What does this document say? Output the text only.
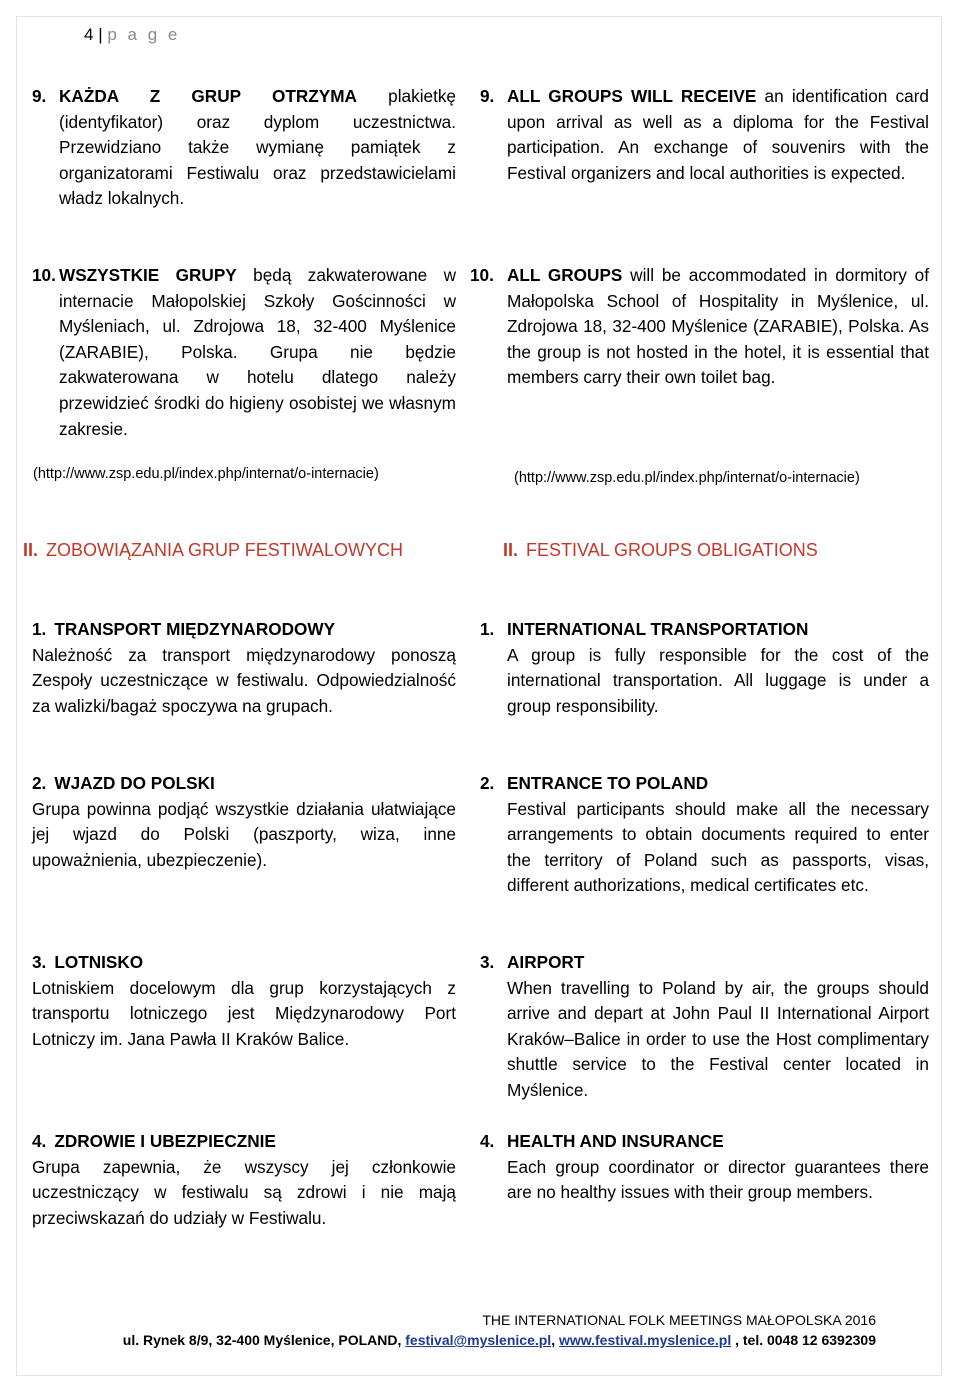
4 | p a g e
9. KAŻDA Z GRUP OTRZYMA plakietkę (identyfikator) oraz dyplom uczestnictwa. Przewidziano także wymianę pamiątek z organizatorami Festiwalu oraz przedstawicielami władz lokalnych.
9. ALL GROUPS WILL RECEIVE an identification card upon arrival as well as a diploma for the Festival participation. An exchange of souvenirs with the Festival organizers and local authorities is expected.
10. WSZYSTKIE GRUPY będą zakwaterowane w internacie Małopolskiej Szkoły Gościnności w Myśleniach, ul. Zdrojowa 18, 32-400 Myślenice (ZARABIE), Polska. Grupa nie będzie zakwaterowana w hotelu dlatego należy przewidzieć środki do higieny osobistej we własnym zakresie.
10. ALL GROUPS will be accommodated in dormitory of Małopolska School of Hospitality in Myślenice, ul. Zdrojowa 18, 32-400 Myślenice (ZARABIE), Polska. As the group is not hosted in the hotel, it is essential that members carry their own toilet bag.
(http://www.zsp.edu.pl/index.php/internat/o-internacie)	(http://www.zsp.edu.pl/index.php/internat/o-internacie)
II. ZOBOWIĄZANIA GRUP FESTIWALOWYCH	II. FESTIVAL GROUPS OBLIGATIONS
1. TRANSPORT MIĘDZYNARODOWY
Należność za transport międzynarodowy ponoszą Zespoły uczestniczące w festiwalu. Odpowiedzialność za walizki/bagaż spoczywa na grupach.
2. WJAZD DO POLSKI
Grupa powinna podjąć wszystkie działania ułatwiające jej wjazd do Polski (paszporty, wiza, inne upoważnienia, ubezpieczenie).
3. LOTNISKO
Lotniskiem docelowym dla grup korzystających z transportu lotniczego jest Międzynarodowy Port Lotniczy im. Jana Pawła II Kraków Balice.
4. ZDROWIE I UBEZPIECZNIE
Grupa zapewnia, że wszyscy jej członkowie uczestniczący w festiwalu są zdrowi i nie mają przeciwskazań do udziały w Festiwalu.
1. INTERNATIONAL TRANSPORTATION
A group is fully responsible for the cost of the international transportation. All luggage is under a group responsibility.
2. ENTRANCE TO POLAND
Festival participants should make all the necessary arrangements to obtain documents required to enter the territory of Poland such as passports, visas, different authorizations, medical certificates etc.
3. AIRPORT
When travelling to Poland by air, the groups should arrive and depart at John Paul II International Airport Kraków–Balice in order to use the Host complimentary shuttle service to the Festival center located in Myślenice.
4. HEALTH AND INSURANCE
Each group coordinator or director guarantees there are no healthy issues with their group members.
THE INTERNATIONAL FOLK MEETINGS MAŁOPOLSKA 2016
ul. Rynek 8/9, 32-400 Myślenice, POLAND, festival@myslenice.pl, www.festival.myslenice.pl , tel. 0048 12 6392309
